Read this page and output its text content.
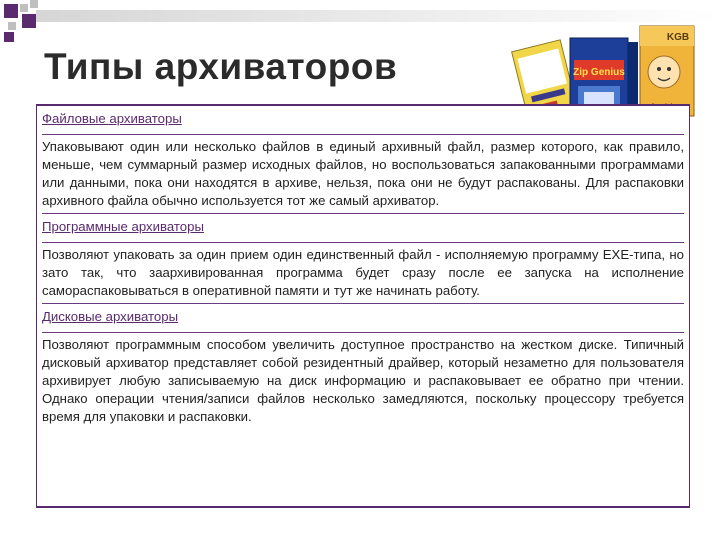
Типы архиваторов	Zip Genius
KGB
Файловые архиваторы
Упаковывают один или несколько файлов в единый архивный файл, размер которого, как правило, меньше, чем суммарный размер исходных файлов, но воспользоваться запакованными программами или данными, пока они находятся в архиве, нельзя, пока они не будут распакованы. Для распаковки архивного файла обычно используется тот же самый архиватор.
Программные архиваторы
Позволяют упаковать за один прием один единственный файл - исполняемую программу EXE-типа, но зато так, что заархивированная программа будет сразу после ее запуска на исполнение самораспаковываться в оперативной памяти и тут же начинать работу.
Дисковые архиваторы
Позволяют программным способом увеличить доступное пространство на жестком диске. Типичный дисковый архиватор представляет собой резидентный драйвер, который незаметно для пользователя архивирует любую записываемую на диск информацию и распаковывает ее обратно при чтении. Однако операции чтения/записи файлов несколько замедляются, поскольку процессору требуется время для упаковки и распаковки.
